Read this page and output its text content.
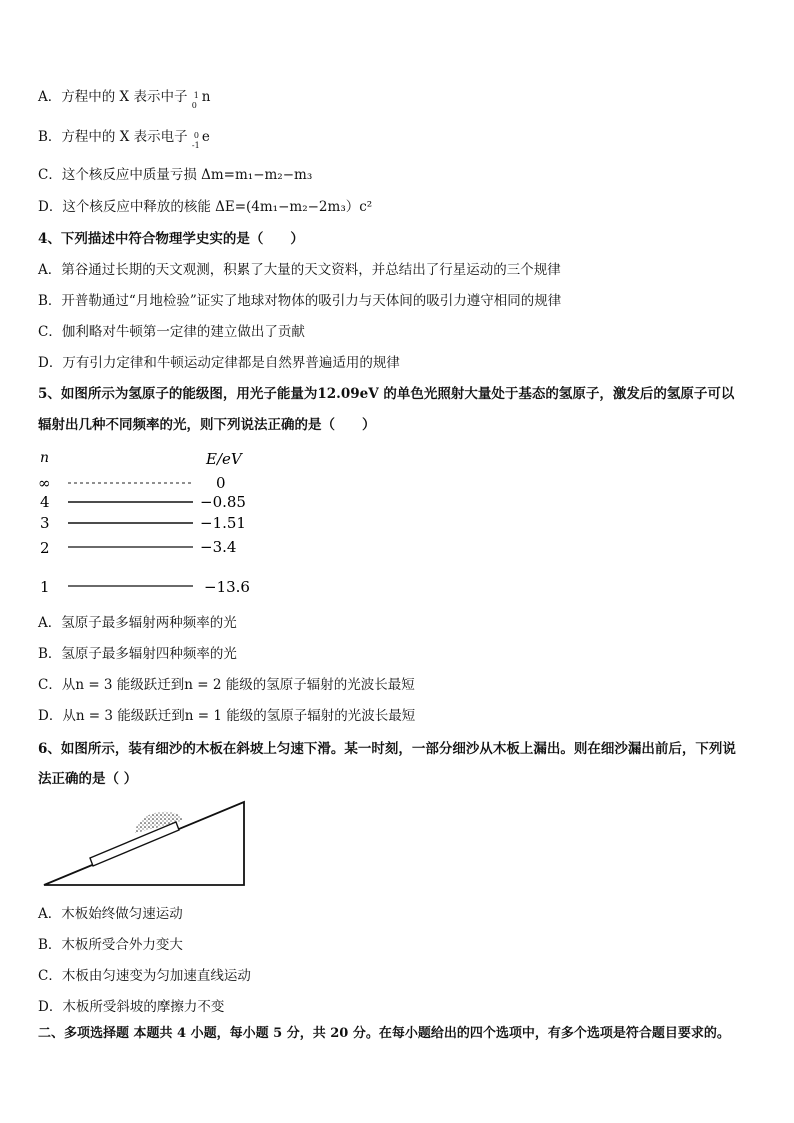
A．方程中的 X 表示中子 1
0 n
B．方程中的 X 表示电子 0
-1 e
C．这个核反应中质量亏损 Δm=m₁−m₂−m₃
D．这个核反应中释放的核能 ΔE=(4m₁−m₂−2m₃）c²
4、下列描述中符合物理学史实的是（　　）
A．第谷通过长期的天文观测，积累了大量的天文资料，并总结出了行星运动的三个规律
B．开普勒通过“月地检验”证实了地球对物体的吸引力与天体间的吸引力遵守相同的规律
C．伽利略对牛顿第一定律的建立做出了贡献
D．万有引力定律和牛顿运动定律都是自然界普遍适用的规律
5、如图所示为氢原子的能级图，用光子能量为12.09eV 的单色光照射大量处于基态的氢原子，激发后的氢原子可以
辐射出几种不同频率的光，则下列说法正确的是（　　）
n	E/eV
∞	0
4	−0.85
3	−1.51
2	−3.4
1	−13.6
A．氢原子最多辐射两种频率的光
B．氢原子最多辐射四种频率的光
C．从n = 3 能级跃迁到n = 2 能级的氢原子辐射的光波长最短
D．从n = 3 能级跃迁到n = 1 能级的氢原子辐射的光波长最短
6、如图所示，装有细沙的木板在斜坡上匀速下滑。某一时刻，一部分细沙从木板上漏出。则在细沙漏出前后，下列说
法正确的是（ ）
A．木板始终做匀速运动
B．木板所受合外力变大
C．木板由匀速变为匀加速直线运动
D．木板所受斜坡的摩擦力不变
二、多项选择题 本题共 4 小题，每小题 5 分，共 20 分。在每小题给出的四个选项中，有多个选项是符合题目要求的。
